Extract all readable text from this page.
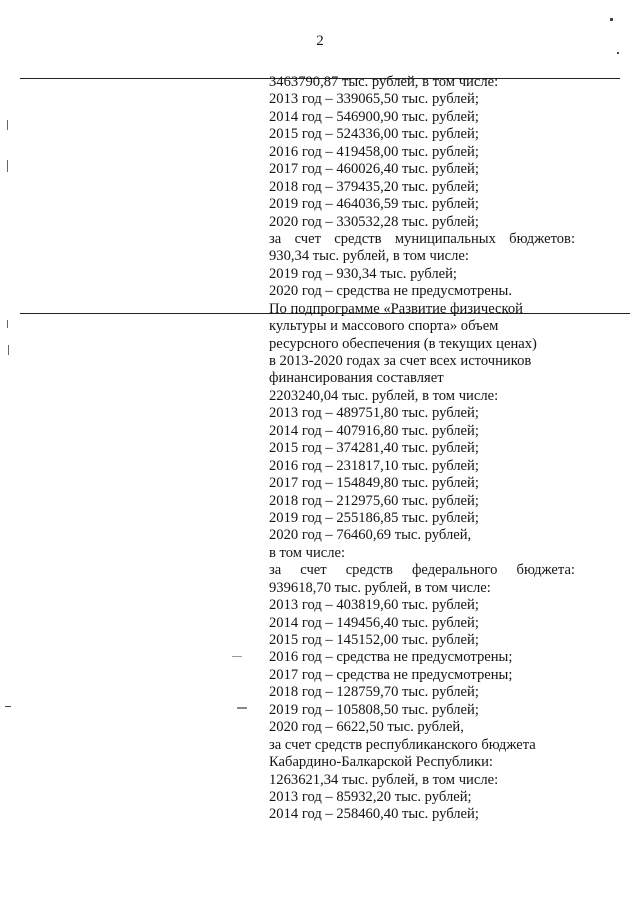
2
3463790,87 тыс. рублей, в том числе:
2013 год – 339065,50 тыс. рублей;
2014 год – 546900,90 тыс. рублей;
2015 год – 524336,00 тыс. рублей;
2016 год – 419458,00 тыс. рублей;
2017 год – 460026,40 тыс. рублей;
2018 год – 379435,20 тыс. рублей;
2019 год – 464036,59 тыс. рублей;
2020 год – 330532,28 тыс. рублей;
за счет средств муниципальных бюджетов:
930,34 тыс. рублей, в том числе:
2019 год – 930,34 тыс. рублей;
2020 год – средства не предусмотрены.
По подпрограмме «Развитие физической
культуры и массового спорта» объем
ресурсного обеспечения (в текущих ценах)
в 2013-2020 годах за счет всех источников
финансирования составляет
2203240,04 тыс. рублей, в том числе:
2013 год – 489751,80 тыс. рублей;
2014 год – 407916,80 тыс. рублей;
2015 год – 374281,40 тыс. рублей;
2016 год – 231817,10 тыс. рублей;
2017 год – 154849,80 тыс. рублей;
2018 год – 212975,60 тыс. рублей;
2019 год – 255186,85 тыс. рублей;
2020 год – 76460,69 тыс. рублей,
в том числе:
за счет средств федерального бюджета:
939618,70 тыс. рублей, в том числе:
2013 год – 403819,60 тыс. рублей;
2014 год – 149456,40 тыс. рублей;
2015 год – 145152,00 тыс. рублей;
2016 год – средства не предусмотрены;
2017 год – средства не предусмотрены;
2018 год – 128759,70 тыс. рублей;
2019 год – 105808,50 тыс. рублей;
2020 год – 6622,50 тыс. рублей,
за счет средств республиканского бюджета
Кабардино-Балкарской Республики:
1263621,34 тыс. рублей, в том числе:
2013 год – 85932,20 тыс. рублей;
2014 год – 258460,40 тыс. рублей;
